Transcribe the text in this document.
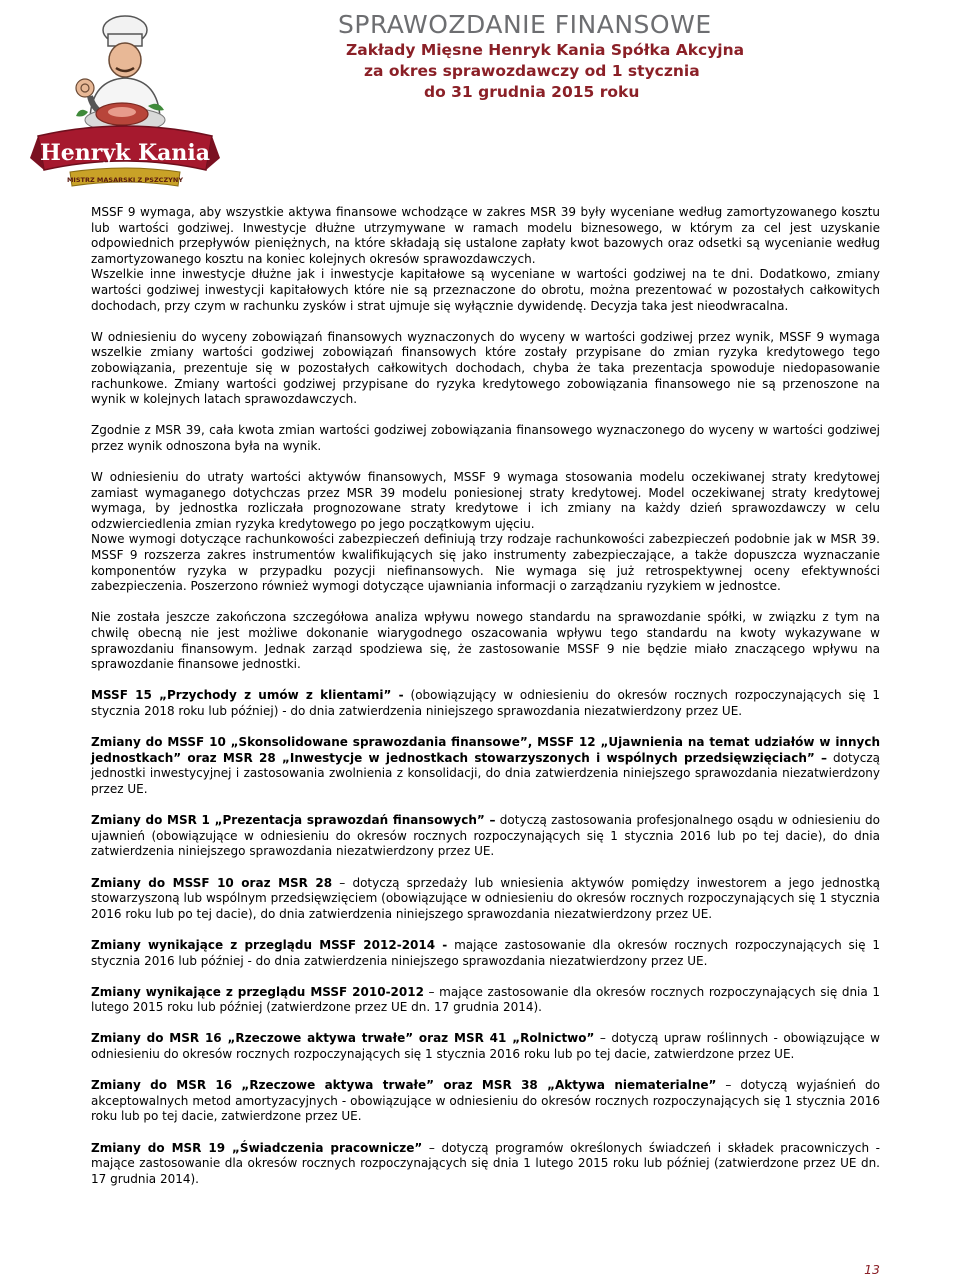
Henryk Kania
MISTRZ MASARSKI Z PSZCZYNY
SPRAWOZDANIE FINANSOWE
Zakłady Mięsne Henryk Kania Spółka Akcyjna
za okres sprawozdawczy od 1 stycznia
do 31 grudnia 2015 roku

MSSF 9 wymaga, aby wszystkie aktywa finansowe wchodzące w zakres MSR 39 były wyceniane według zamortyzowanego kosztu lub wartości godziwej. Inwestycje dłużne utrzymywane w ramach modelu biznesowego, w którym za cel jest uzyskanie odpowiednich przepływów pieniężnych, na które składają się ustalone zapłaty kwot bazowych oraz odsetki są wycenianie według zamortyzowanego kosztu na koniec kolejnych okresów sprawozdawczych.

Wszelkie inne inwestycje dłużne jak i inwestycje kapitałowe są wyceniane w wartości godziwej na te dni. Dodatkowo, zmiany wartości godziwej inwestycji kapitałowych które nie są przeznaczone do obrotu, można prezentować w pozostałych całkowitych dochodach, przy czym w rachunku zysków i strat ujmuje się wyłącznie dywidendę. Decyzja taka jest nieodwracalna.

W odniesieniu do wyceny zobowiązań finansowych wyznaczonych do wyceny w wartości godziwej przez wynik, MSSF 9 wymaga wszelkie zmiany wartości godziwej zobowiązań finansowych które zostały przypisane do zmian ryzyka kredytowego tego zobowiązania, prezentuje się w pozostałych całkowitych dochodach, chyba że taka prezentacja spowoduje niedopasowanie rachunkowe. Zmiany wartości godziwej przypisane do ryzyka kredytowego zobowiązania finansowego nie są przenoszone na wynik w kolejnych latach sprawozdawczych.

Zgodnie z MSR 39, cała kwota zmian wartości godziwej zobowiązania finansowego wyznaczonego do wyceny w wartości godziwej przez wynik odnoszona była na wynik.

W odniesieniu do utraty wartości aktywów finansowych, MSSF 9 wymaga stosowania modelu oczekiwanej straty kredytowej zamiast wymaganego dotychczas przez MSR 39 modelu poniesionej straty kredytowej. Model oczekiwanej straty kredytowej wymaga, by jednostka rozliczała prognozowane straty kredytowe i ich zmiany na każdy dzień sprawozdawczy w celu odzwierciedlenia zmian ryzyka kredytowego po jego początkowym ujęciu.

Nowe wymogi dotyczące rachunkowości zabezpieczeń definiują trzy rodzaje rachunkowości zabezpieczeń podobnie jak w MSR 39. MSSF 9 rozszerza zakres instrumentów kwalifikujących się jako instrumenty zabezpieczające, a także dopuszcza wyznaczanie komponentów ryzyka w przypadku pozycji niefinansowych. Nie wymaga się już retrospektywnej oceny efektywności zabezpieczenia. Poszerzono również wymogi dotyczące ujawniania informacji o zarządzaniu ryzykiem w jednostce.

Nie została jeszcze zakończona szczegółowa analiza wpływu nowego standardu na sprawozdanie spółki, w związku z tym na chwilę obecną nie jest możliwe dokonanie wiarygodnego oszacowania wpływu tego standardu na kwoty wykazywane w sprawozdaniu finansowym. Jednak zarząd spodziewa się, że zastosowanie MSSF 9 nie będzie miało znaczącego wpływu na sprawozdanie finansowe jednostki.

MSSF 15 „Przychody z umów z klientami” - (obowiązujący w odniesieniu do okresów rocznych rozpoczynających się 1 stycznia 2018 roku lub później) - do dnia zatwierdzenia niniejszego sprawozdania niezatwierdzony przez UE.

Zmiany do MSSF 10 „Skonsolidowane sprawozdania finansowe”, MSSF 12 „Ujawnienia na temat udziałów w innych jednostkach” oraz MSR 28 „Inwestycje w jednostkach stowarzyszonych i wspólnych przedsięwzięciach” – dotyczą jednostki inwestycyjnej i zastosowania zwolnienia z konsolidacji, do dnia zatwierdzenia niniejszego sprawozdania niezatwierdzony przez UE.

Zmiany do MSR 1 „Prezentacja sprawozdań finansowych” – dotyczą zastosowania profesjonalnego osądu w odniesieniu do ujawnień (obowiązujące w odniesieniu do okresów rocznych rozpoczynających się 1 stycznia 2016 lub po tej dacie), do dnia zatwierdzenia niniejszego sprawozdania niezatwierdzony przez UE.

Zmiany do MSSF 10 oraz MSR 28 – dotyczą sprzedaży lub wniesienia aktywów pomiędzy inwestorem a jego jednostką stowarzyszoną lub wspólnym przedsięwzięciem (obowiązujące w odniesieniu do okresów rocznych rozpoczynających się 1 stycznia 2016 roku lub po tej dacie), do dnia zatwierdzenia niniejszego sprawozdania niezatwierdzony przez UE.

Zmiany wynikające z przeglądu MSSF 2012-2014 - mające zastosowanie dla okresów rocznych rozpoczynających się 1 stycznia 2016 lub później - do dnia zatwierdzenia niniejszego sprawozdania niezatwierdzony przez UE.

Zmiany wynikające z przeglądu MSSF 2010-2012 – mające zastosowanie dla okresów rocznych rozpoczynających się dnia 1 lutego 2015 roku lub później (zatwierdzone przez UE dn. 17 grudnia 2014).

Zmiany do MSR 16 „Rzeczowe aktywa trwałe” oraz MSR 41 „Rolnictwo” – dotyczą upraw roślinnych - obowiązujące w odniesieniu do okresów rocznych rozpoczynających się 1 stycznia 2016 roku lub po tej dacie, zatwierdzone przez UE.

Zmiany do MSR 16 „Rzeczowe aktywa trwałe” oraz MSR 38 „Aktywa niematerialne” – dotyczą wyjaśnień do akceptowalnych metod amortyzacyjnych - obowiązujące w odniesieniu do okresów rocznych rozpoczynających się 1 stycznia 2016 roku lub po tej dacie, zatwierdzone przez UE.

Zmiany do MSR 19 „Świadczenia pracownicze” – dotyczą programów określonych świadczeń i składek pracowniczych - mające zastosowanie dla okresów rocznych rozpoczynających się dnia 1 lutego 2015 roku lub później (zatwierdzone przez UE dn. 17 grudnia 2014).

13
